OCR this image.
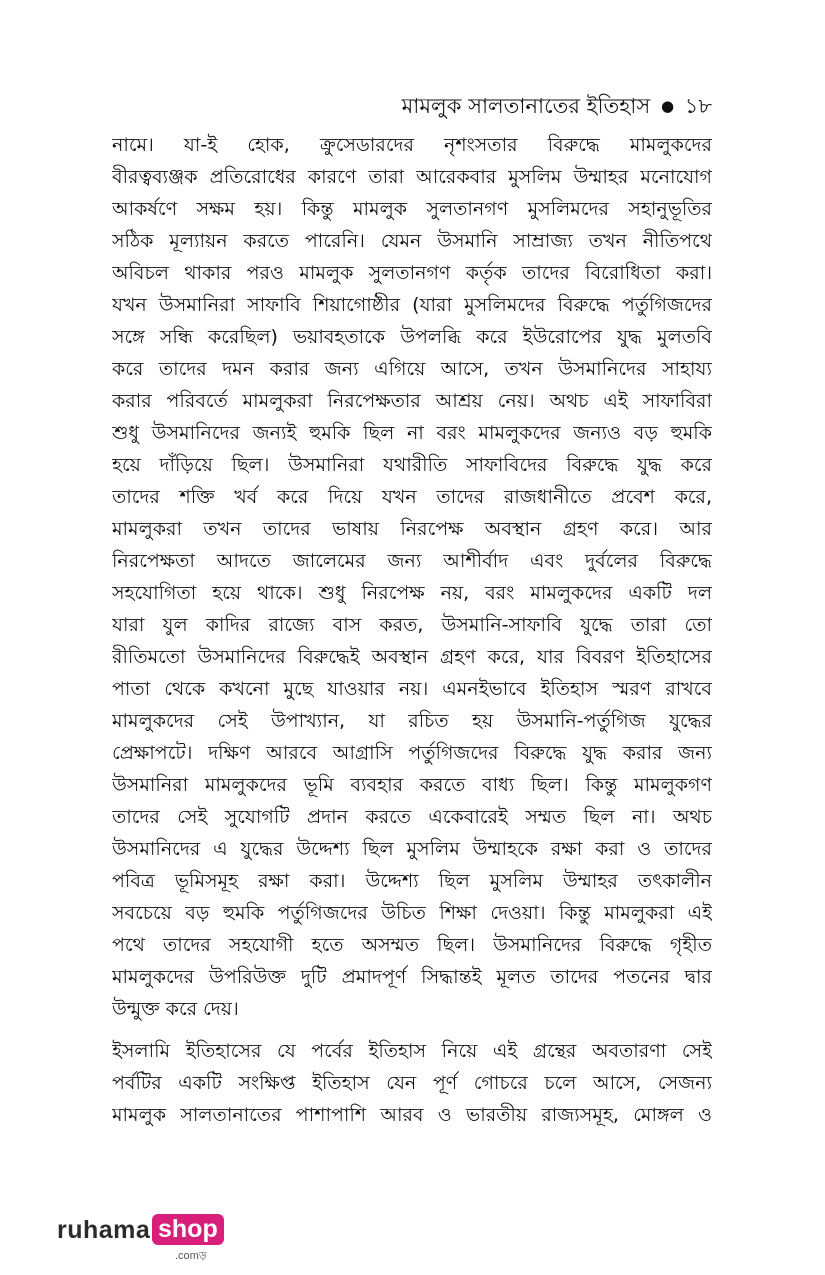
মামলুক সালতানাতের ইতিহাস ● ১৮
নামে। যা-ই হোক, ক্রুসেডারদের নৃশংসতার বিরুদ্ধে মামলুকদের
বীরত্বব্যঞ্জক প্রতিরোধের কারণে তারা আরেকবার মুসলিম উম্মাহর মনোযোগ
আকর্ষণে সক্ষম হয়। কিন্তু মামলুক সুলতানগণ মুসলিমদের সহানুভূতির
সঠিক মূল্যায়ন করতে পারেনি। যেমন উসমানি সাম্রাজ্য তখন নীতিপথে
অবিচল থাকার পরও মামলুক সুলতানগণ কর্তৃক তাদের বিরোধিতা করা।
যখন উসমানিরা সাফাবি শিয়াগোষ্ঠীর (যারা মুসলিমদের বিরুদ্ধে পর্তুগিজদের
সঙ্গে সন্ধি করেছিল) ভয়াবহতাকে উপলব্ধি করে ইউরোপের যুদ্ধ মুলতবি
করে তাদের দমন করার জন্য এগিয়ে আসে, তখন উসমানিদের সাহায্য
করার পরিবর্তে মামলুকরা নিরপেক্ষতার আশ্রয় নেয়। অথচ এই সাফাবিরা
শুধু উসমানিদের জন্যই হুমকি ছিল না বরং মামলুকদের জন্যও বড় হুমকি
হয়ে দাঁড়িয়ে ছিল। উসমানিরা যথারীতি সাফাবিদের বিরুদ্ধে যুদ্ধ করে
তাদের শক্তি খর্ব করে দিয়ে যখন তাদের রাজধানীতে প্রবেশ করে,
মামলুকরা তখন তাদের ভাষায় নিরপেক্ষ অবস্থান গ্রহণ করে। আর
নিরপেক্ষতা আদতে জালেমের জন্য আশীর্বাদ এবং দুর্বলের বিরুদ্ধে
সহযোগিতা হয়ে থাকে। শুধু নিরপেক্ষ নয়, বরং মামলুকদের একটি দল
যারা যুল কাদির রাজ্যে বাস করত, উসমানি-সাফাবি যুদ্ধে তারা তো
রীতিমতো উসমানিদের বিরুদ্ধেই অবস্থান গ্রহণ করে, যার বিবরণ ইতিহাসের
পাতা থেকে কখনো মুছে যাওয়ার নয়। এমনইভাবে ইতিহাস স্মরণ রাখবে
মামলুকদের সেই উপাখ্যান, যা রচিত হয় উসমানি-পর্তুগিজ যুদ্ধের
প্রেক্ষাপটে। দক্ষিণ আরবে আগ্রাসি পর্তুগিজদের বিরুদ্ধে যুদ্ধ করার জন্য
উসমানিরা মামলুকদের ভূমি ব্যবহার করতে বাধ্য ছিল। কিন্তু মামলুকগণ
তাদের সেই সুযোগটি প্রদান করতে একেবারেই সম্মত ছিল না। অথচ
উসমানিদের এ যুদ্ধের উদ্দেশ্য ছিল মুসলিম উম্মাহকে রক্ষা করা ও তাদের
পবিত্র ভূমিসমূহ রক্ষা করা। উদ্দেশ্য ছিল মুসলিম উম্মাহর তৎকালীন
সবচেয়ে বড় হুমকি পর্তুগিজদের উচিত শিক্ষা দেওয়া। কিন্তু মামলুকরা এই
পথে তাদের সহযোগী হতে অসম্মত ছিল। উসমানিদের বিরুদ্ধে গৃহীত
মামলুকদের উপরিউক্ত দুটি প্রমাদপূর্ণ সিদ্ধান্তই মূলত তাদের পতনের দ্বার
উন্মুক্ত করে দেয়।
ইসলামি ইতিহাসের যে পর্বের ইতিহাস নিয়ে এই গ্রন্থের অবতারণা সেই
পর্বটির একটি সংক্ষিপ্ত ইতিহাস যেন পূর্ণ গোচরে চলে আসে, সেজন্য
মামলুক সালতানাতের পাশাপাশি আরব ও ভারতীয় রাজ্যসমূহ, মোঙ্গল ও
ruhama shop
.comড়
